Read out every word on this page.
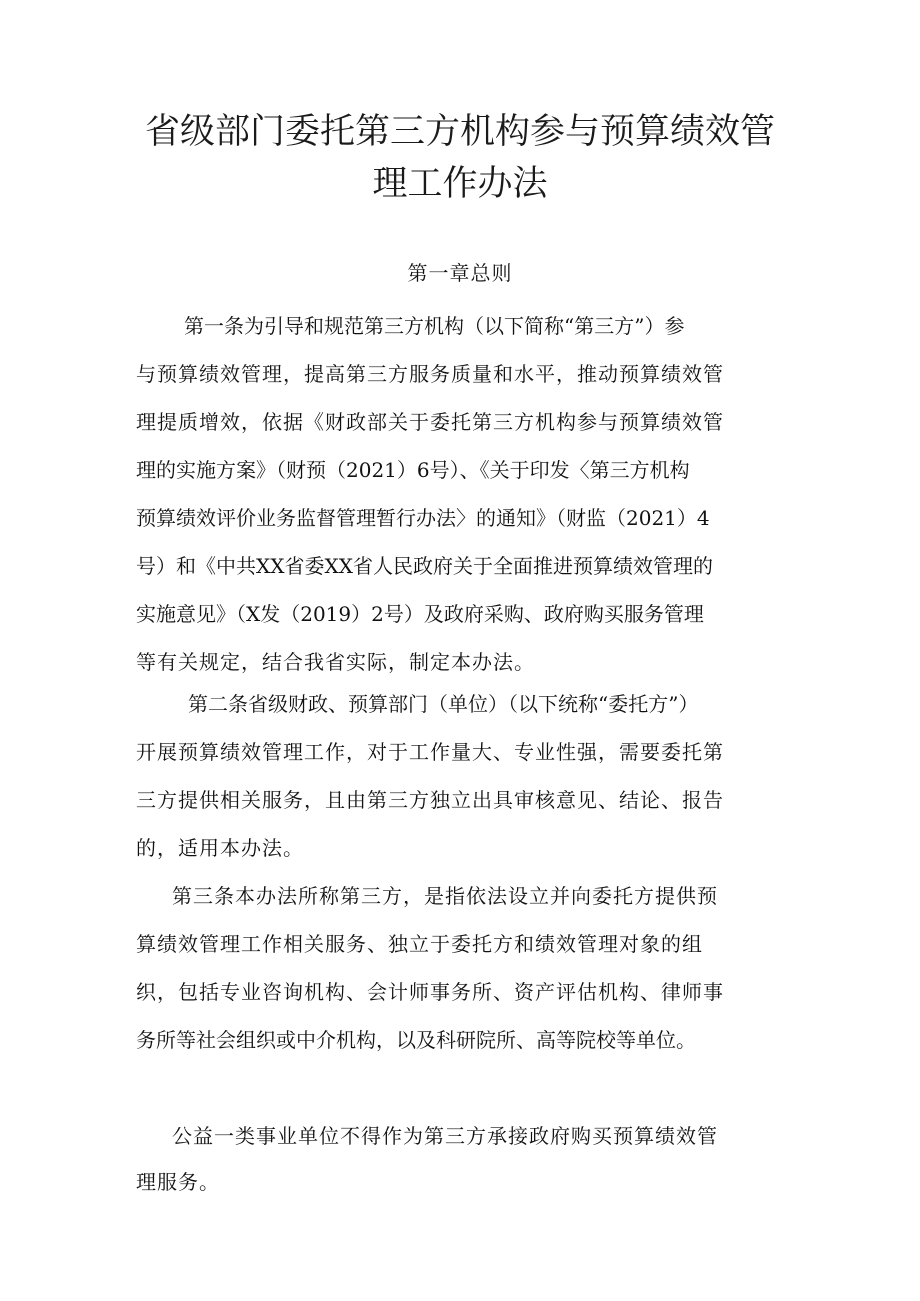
省级部门委托第三方机构参与预算绩效管
理工作办法
第一章总则
第一条为引导和规范第三方机构（以下简称“第三方”）参
与预算绩效管理，提高第三方服务质量和水平，推动预算绩效管
理提质增效，依据《财政部关于委托第三方机构参与预算绩效管
理的实施方案》（财预（2021）6号）、《关于印发〈第三方机构
预算绩效评价业务监督管理暂行办法〉的通知》（财监（2021）4
号）和《中共XX省委XX省人民政府关于全面推进预算绩效管理的
实施意见》（X发（2019）2号）及政府采购、政府购买服务管理
等有关规定，结合我省实际，制定本办法。
第二条省级财政、预算部门（单位）（以下统称“委托方”）
开展预算绩效管理工作，对于工作量大、专业性强，需要委托第
三方提供相关服务，且由第三方独立出具审核意见、结论、报告
的，适用本办法。
第三条本办法所称第三方，是指依法设立并向委托方提供预
算绩效管理工作相关服务、独立于委托方和绩效管理对象的组
织，包括专业咨询机构、会计师事务所、资产评估机构、律师事
务所等社会组织或中介机构，以及科研院所、高等院校等单位。
公益一类事业单位不得作为第三方承接政府购买预算绩效管
理服务。
